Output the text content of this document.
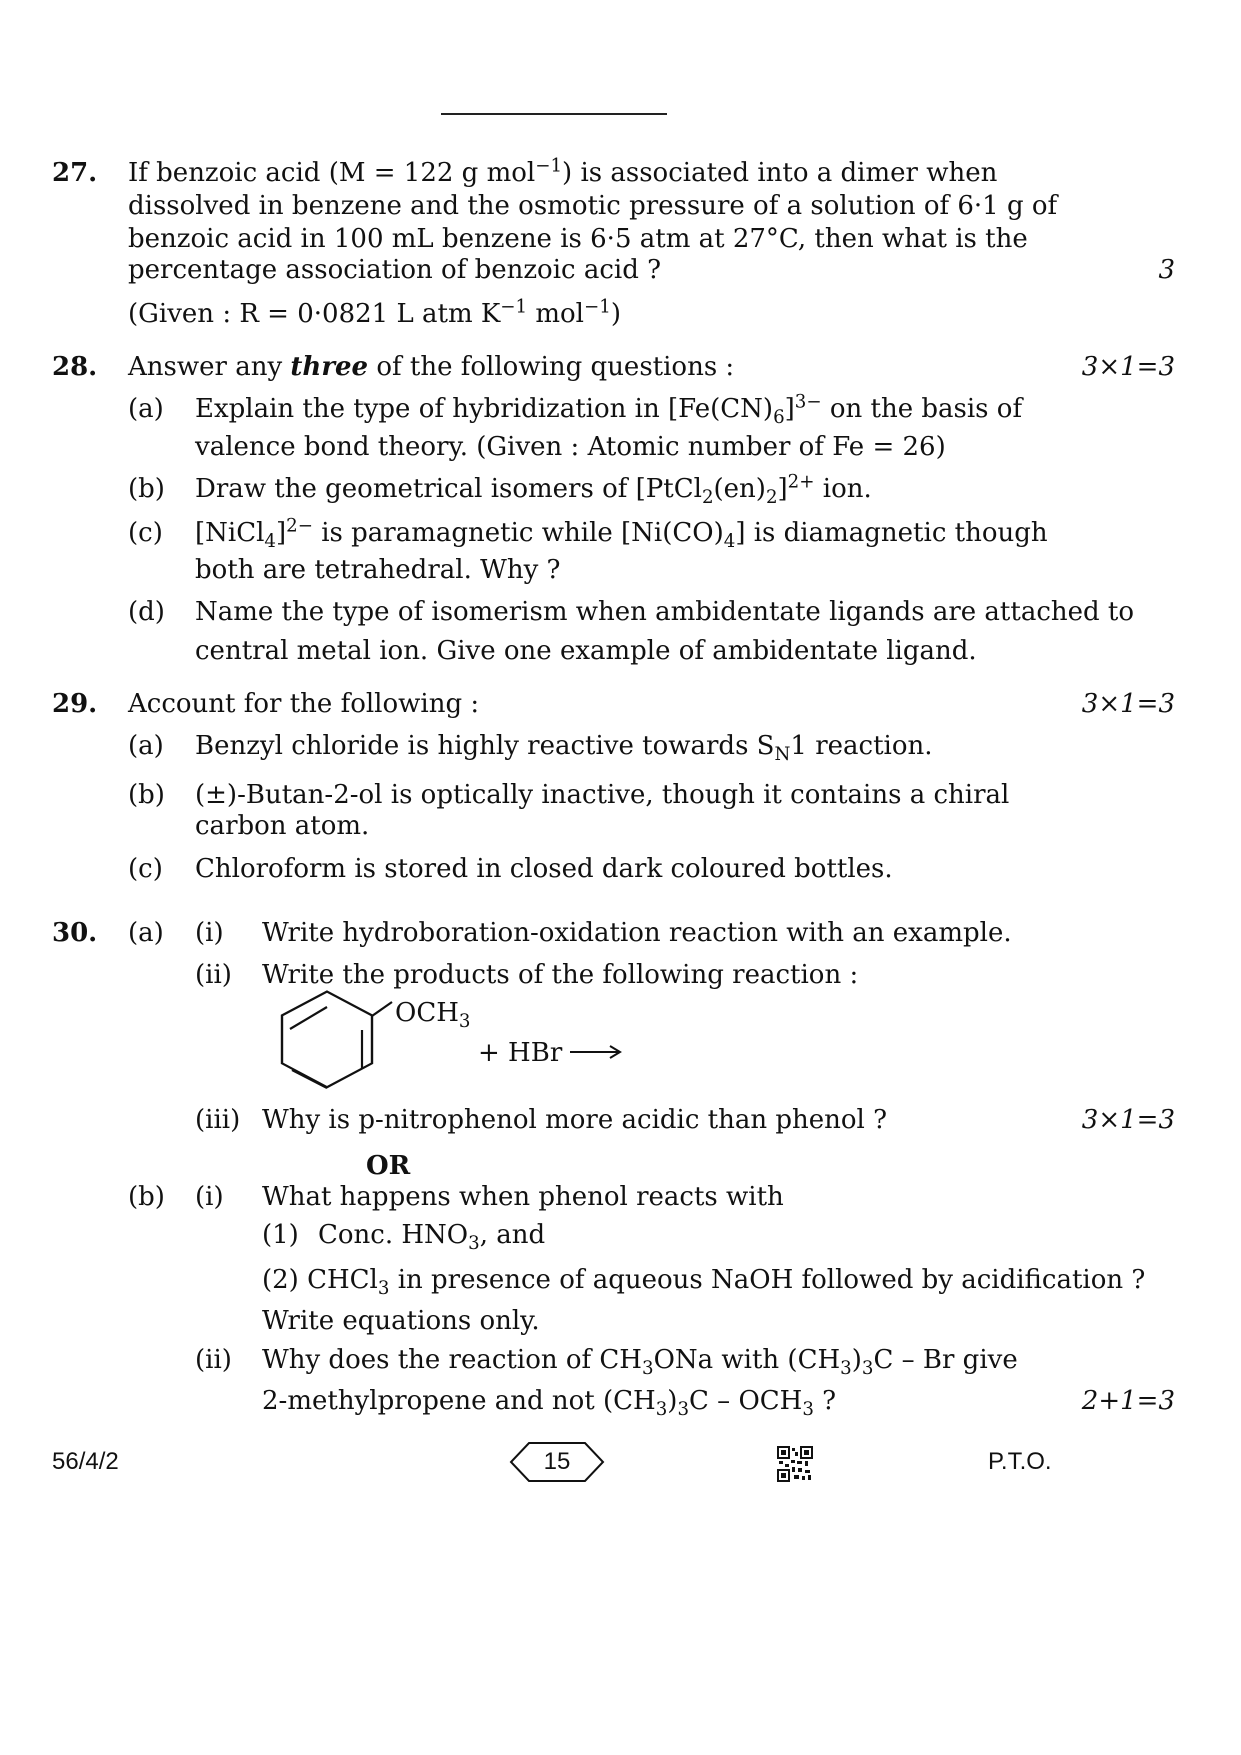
27. If benzoic acid (M = 122 g mol$^{-1}$) is associated into a dimer when
dissolved in benzene and the osmotic pressure of a solution of 6·1 g of
benzoic acid in 100 mL benzene is 6·5 atm at 27°C, then what is the
percentage association of benzoic acid ?	3
(Given : R = 0·0821 L atm $K^{-1}$ mol$^{-1}$)
28. Answer any three of the following questions :	3×1=3
(a) Explain the type of hybridization in $[Fe(CN)_6]^{3-}$ on the basis of
valence bond theory. (Given : Atomic number of Fe = 26)
(b) Draw the geometrical isomers of $[PtCl_2(en)_2]^{2+}$ ion.
(c) [NiCl$_4$]$^{2-}$ is paramagnetic while $[Ni(CO)_4]$ is diamagnetic though
both are tetrahedral. Why ?
(d) Name the type of isomerism when ambidentate ligands are attached to
central metal ion. Give one example of ambidentate ligand.
29. Account for the following :	3×1=3
(a) Benzyl chloride is highly reactive towards $S_N1$ reaction.
(b) (±)-Butan-2-ol is optically inactive, though it contains a chiral
carbon atom.
(c) Chloroform is stored in closed dark coloured bottles.
30. (a) (i) Write hydroboration-oxidation reaction with an example.
(ii) Write the products of the following reaction :
$OCH_3$
+ HBr →
(iii) Why is p-nitrophenol more acidic than phenol ?	3×1=3
OR
(b) (i) What happens when phenol reacts with
(1) Conc. $HNO_3$, and
(2) CHCl$_3$ in presence of aqueous NaOH followed by acidification ?
Write equations only.
(ii) Why does the reaction of $CH_3ONa$ with $(CH_3)_3C$ – Br give
2-methylpropene and not $(CH_3)_3C - OCH_3$ ?	2+1=3
56/4/2	15	P.T.O.
